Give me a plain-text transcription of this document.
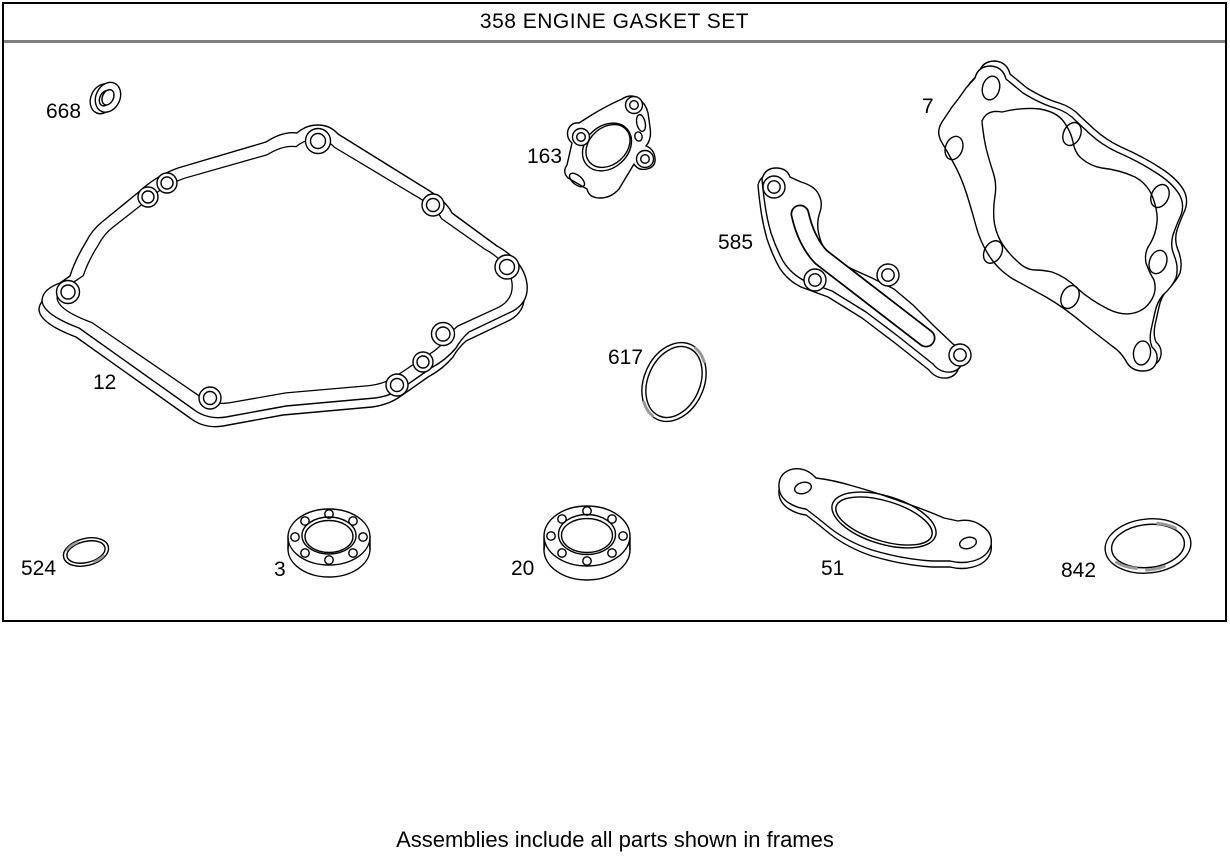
358 ENGINE GASKET SET
668
12
163
7
585
617
524	3	20	51	842
Assemblies include all parts shown in frames
